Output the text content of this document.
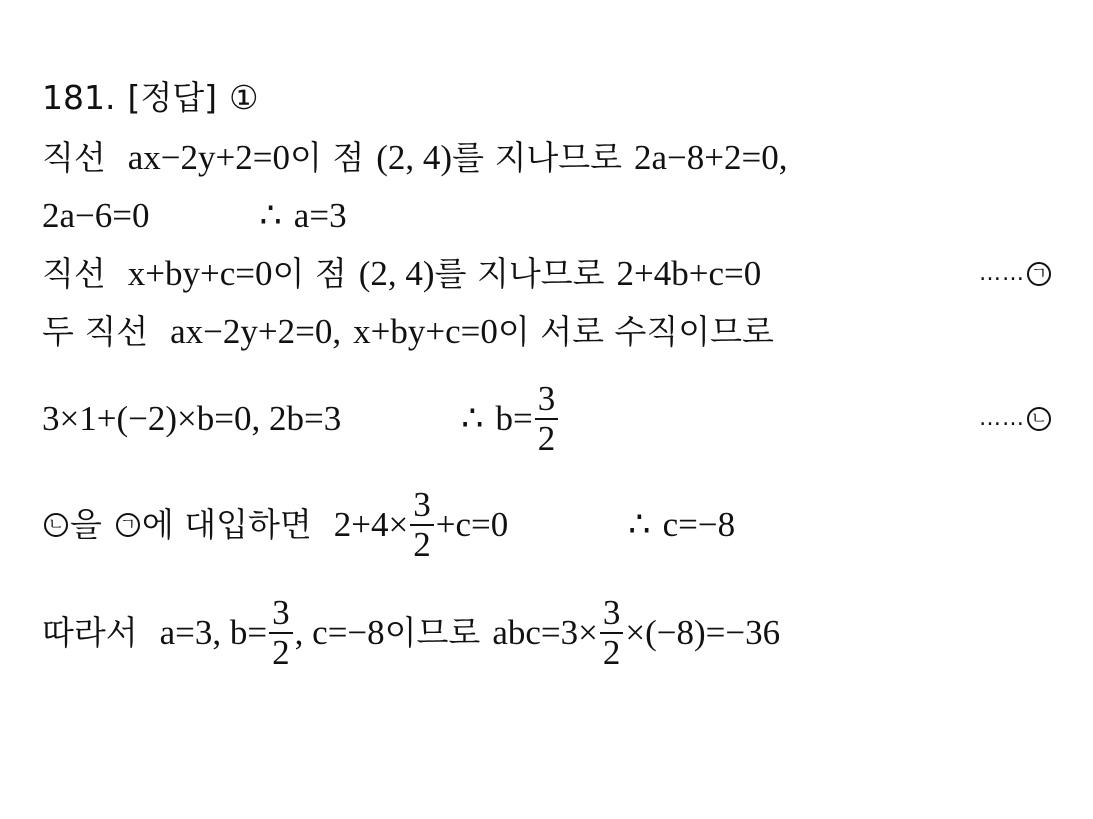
181. [정답] ①
직선 ax−2y+2=0 이 점 (2, 4) 를 지나므로 2a−8+2=0,
2a−6=0	∴ a=3
직선 x+by+c=0 이 점 (2, 4) 를 지나므로 2+4b+c=0	…… ㄱ
두 직선 ax−2y+2=0, x+by+c=0 이 서로 수직이므로
3×1+(−2)×b=0, 2b=3	∴ $b= \frac{3}{2}$	…… ㄴ
ㄴ 을 ㄱ 에 대입하면 $2+4\times \frac{3}{2} +c=0$	∴ c=−8
따라서 a=3, $b= \frac{3}{2}$ , c=−8 이므로 $abc=3\times \frac{3}{2} \times(-8)=-36$
